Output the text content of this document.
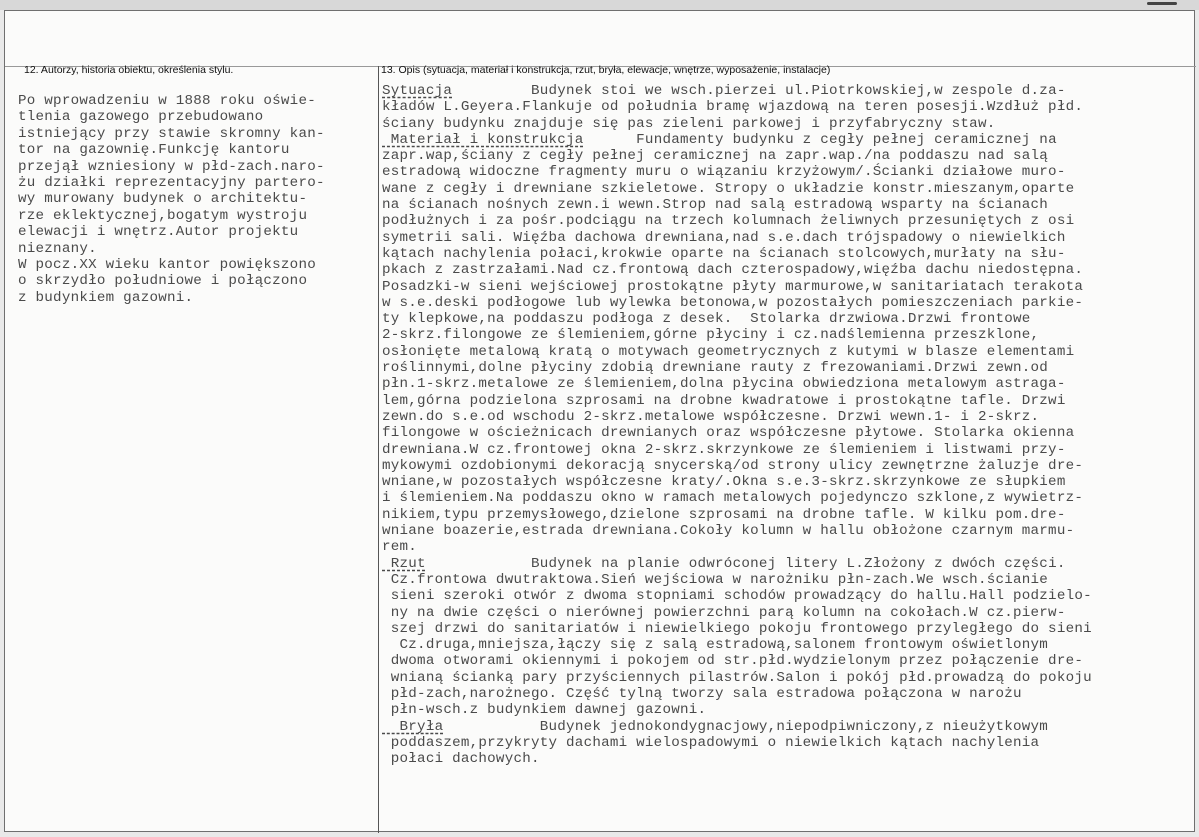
12. Autorzy, historia obiektu, określenia stylu.	13. Opis (sytuacja, materiał i konstrukcja, rzut, bryła, elewacje, wnętrze, wyposażenie, instalacje)
Po wprowadzeniu w 1888 roku oświe-
tlenia gazowego przebudowano
istniejący przy stawie skromny kan-
tor na gazownię.Funkcję kantoru
przejął wzniesiony w płd-zach.naro-
żu działki reprezentacyjny partero-
wy murowany budynek o architektu-
rze eklektycznej,bogatym wystroju
elewacji i wnętrz.Autor projektu
nieznany.
W pocz.XX wieku kantor powiększono
o skrzydło południowe i połączono
z budynkiem gazowni.
Sytuacja         Budynek stoi we wsch.pierzei ul.Piotrkowskiej,w zespole d.za-
kładów L.Geyera.Flankuje od południa bramę wjazdową na teren posesji.Wzdłuż płd.
ściany budynku znajduje się pas zieleni parkowej i przyfabryczny staw.
Materiał i konstrukcja      Fundamenty budynku z cegły pełnej ceramicznej na
zapr.wap,ściany z cegły pełnej ceramicznej na zapr.wap./na poddaszu nad salą
estradową widoczne fragmenty muru o wiązaniu krzyżowym/.Ścianki działowe muro-
wane z cegły i drewniane szkieletowe. Stropy o układzie konstr.mieszanym,oparte
na ścianach nośnych zewn.i wewn.Strop nad salą estradową wsparty na ścianach
podłużnych i za pośr.podciągu na trzech kolumnach żeliwnych przesuniętych z osi
symetrii sali. Więźba dachowa drewniana,nad s.e.dach trójspadowy o niewielkich
kątach nachylenia połaci,krokwie oparte na ścianach stolcowych,murłaty na słu-
pkach z zastrzałami.Nad cz.frontową dach czterospadowy,więźba dachu niedostępna.
Posadzki-w sieni wejściowej prostokątne płyty marmurowe,w sanitariatach terakota
w s.e.deski podłogowe lub wylewka betonowa,w pozostałych pomieszczeniach parkie-
ty klepkowe,na poddaszu podłoga z desek.  Stolarka drzwiowa.Drzwi frontowe
2-skrz.filongowe ze ślemieniem,górne płyciny i cz.nadślemienna przeszklone,
osłonięte metalową kratą o motywach geometrycznych z kutymi w blasze elementami
roślinnymi,dolne płyciny zdobią drewniane rauty z frezowaniami.Drzwi zewn.od
płn.1-skrz.metalowe ze ślemieniem,dolna płycina obwiedziona metalowym astraga-
lem,górna podzielona szprosami na drobne kwadratowe i prostokątne tafle. Drzwi
zewn.do s.e.od wschodu 2-skrz.metalowe współczesne. Drzwi wewn.1- i 2-skrz.
filongowe w ościeżnicach drewnianych oraz współczesne płytowe. Stolarka okienna
drewniana.W cz.frontowej okna 2-skrz.skrzynkowe ze ślemieniem i listwami przy-
mykowymi ozdobionymi dekoracją snycerską/od strony ulicy zewnętrzne żaluzje dre-
wniane,w pozostałych współczesne kraty/.Okna s.e.3-skrz.skrzynkowe ze słupkiem
i ślemieniem.Na poddaszu okno w ramach metalowych pojedynczo szklone,z wywietrz-
nikiem,typu przemysłowego,dzielone szprosami na drobne tafle. W kilku pom.dre-
wniane boazerie,estrada drewniana.Cokoły kolumn w hallu obłożone czarnym marmu-
rem.
Rzut            Budynek na planie odwróconej litery L.Złożony z dwóch części.
Cz.frontowa dwutraktowa.Sień wejściowa w narożniku płn-zach.We wsch.ścianie
sieni szeroki otwór z dwoma stopniami schodów prowadzący do hallu.Hall podzielo-
ny na dwie części o nierównej powierzchni parą kolumn na cokołach.W cz.pierw-
szej drzwi do sanitariatów i niewielkiego pokoju frontowego przyległego do sieni
Cz.druga,mniejsza,łączy się z salą estradową,salonem frontowym oświetlonym
dwoma otworami okiennymi i pokojem od str.płd.wydzielonym przez połączenie dre-
wnianą ścianką pary przyściennych pilastrów.Salon i pokój płd.prowadzą do pokoju
płd-zach,narożnego. Część tylną tworzy sala estradowa połączona w narożu
płn-wsch.z budynkiem dawnej gazowni.
Bryła           Budynek jednokondygnacjowy,niepodpiwniczony,z nieużytkowym
poddaszem,przykryty dachami wielospadowymi o niewielkich kątach nachylenia
połaci dachowych.
